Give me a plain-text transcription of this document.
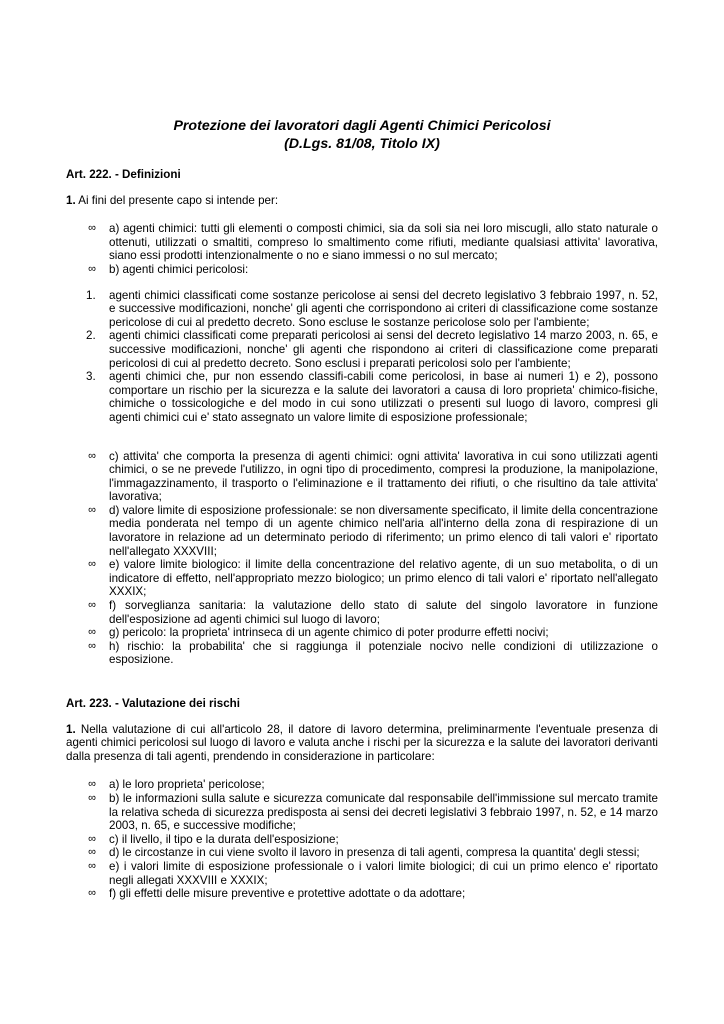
Protezione dei lavoratori dagli Agenti Chimici Pericolosi

(D.Lgs. 81/08, Titolo IX)

Art. 222. - Definizioni

1. Ai fini del presente capo si intende per:

∞ a) agenti chimici: tutti gli elementi o composti chimici, sia da soli sia nei loro miscugli, allo stato naturale o ottenuti, utilizzati o smaltiti, compreso lo smaltimento come rifiuti, mediante qualsiasi attivita' lavorativa, siano essi prodotti intenzionalmente o no e siano immessi o no sul mercato;
∞ b) agenti chimici pericolosi:
1. agenti chimici classificati come sostanze pericolose ai sensi del decreto legislativo 3 febbraio 1997, n. 52, e successive modificazioni, nonche' gli agenti che corrispondono ai criteri di classificazione come sostanze pericolose di cui al predetto decreto. Sono escluse le sostanze pericolose solo per l'ambiente;
2. agenti chimici classificati come preparati pericolosi ai sensi del decreto legislativo 14 marzo 2003, n. 65, e successive modificazioni, nonche' gli agenti che rispondono ai criteri di classificazione come preparati pericolosi di cui al predetto decreto. Sono esclusi i preparati pericolosi solo per l'ambiente;
3. agenti chimici che, pur non essendo classifi-cabili come pericolosi, in base ai numeri 1) e 2), possono comportare un rischio per la sicurezza e la salute dei lavoratori a causa di loro proprieta' chimico-fisiche, chimiche o tossicologiche e del modo in cui sono utilizzati o presenti sul luogo di lavoro, compresi gli agenti chimici cui e' stato assegnato un valore limite di esposizione professionale;
∞ c) attivita' che comporta la presenza di agenti chimici: ogni attivita' lavorativa in cui sono utilizzati agenti chimici, o se ne prevede l'utilizzo, in ogni tipo di procedimento, compresi la produzione, la manipolazione, l'immagazzinamento, il trasporto o l'eliminazione e il trattamento dei rifiuti, o che risultino da tale attivita' lavorativa;
∞ d) valore limite di esposizione professionale: se non diversamente specificato, il limite della concentrazione media ponderata nel tempo di un agente chimico nell'aria all'interno della zona di respirazione di un lavoratore in relazione ad un determinato periodo di riferimento; un primo elenco di tali valori e' riportato nell'allegato XXXVIII;
∞ e) valore limite biologico: il limite della concentrazione del relativo agente, di un suo metabolita, o di un indicatore di effetto, nell'appropriato mezzo biologico; un primo elenco di tali valori e' riportato nell'allegato XXXIX;
∞ f) sorveglianza sanitaria: la valutazione dello stato di salute del singolo lavoratore in funzione dell'esposizione ad agenti chimici sul luogo di lavoro;
∞ g) pericolo: la proprieta' intrinseca di un agente chimico di poter produrre effetti nocivi;
∞ h) rischio: la probabilita' che si raggiunga il potenziale nocivo nelle condizioni di utilizzazione o esposizione.

Art. 223. - Valutazione dei rischi

1. Nella valutazione di cui all'articolo 28, il datore di lavoro determina, preliminarmente l'eventuale presenza di agenti chimici pericolosi sul luogo di lavoro e valuta anche i rischi per la sicurezza e la salute dei lavoratori derivanti dalla presenza di tali agenti, prendendo in considerazione in particolare:

∞ a) le loro proprieta' pericolose;
∞ b) le informazioni sulla salute e sicurezza comunicate dal responsabile dell'immissione sul mercato tramite la relativa scheda di sicurezza predisposta ai sensi dei decreti legislativi 3 febbraio 1997, n. 52, e 14 marzo 2003, n. 65, e successive modifiche;
∞ c) il livello, il tipo e la durata dell'esposizione;
∞ d) le circostanze in cui viene svolto il lavoro in presenza di tali agenti, compresa la quantita' degli stessi;
∞ e) i valori limite di esposizione professionale o i valori limite biologici; di cui un primo elenco e' riportato negli allegati XXXVIII e XXXIX;
∞ f) gli effetti delle misure preventive e protettive adottate o da adottare;
